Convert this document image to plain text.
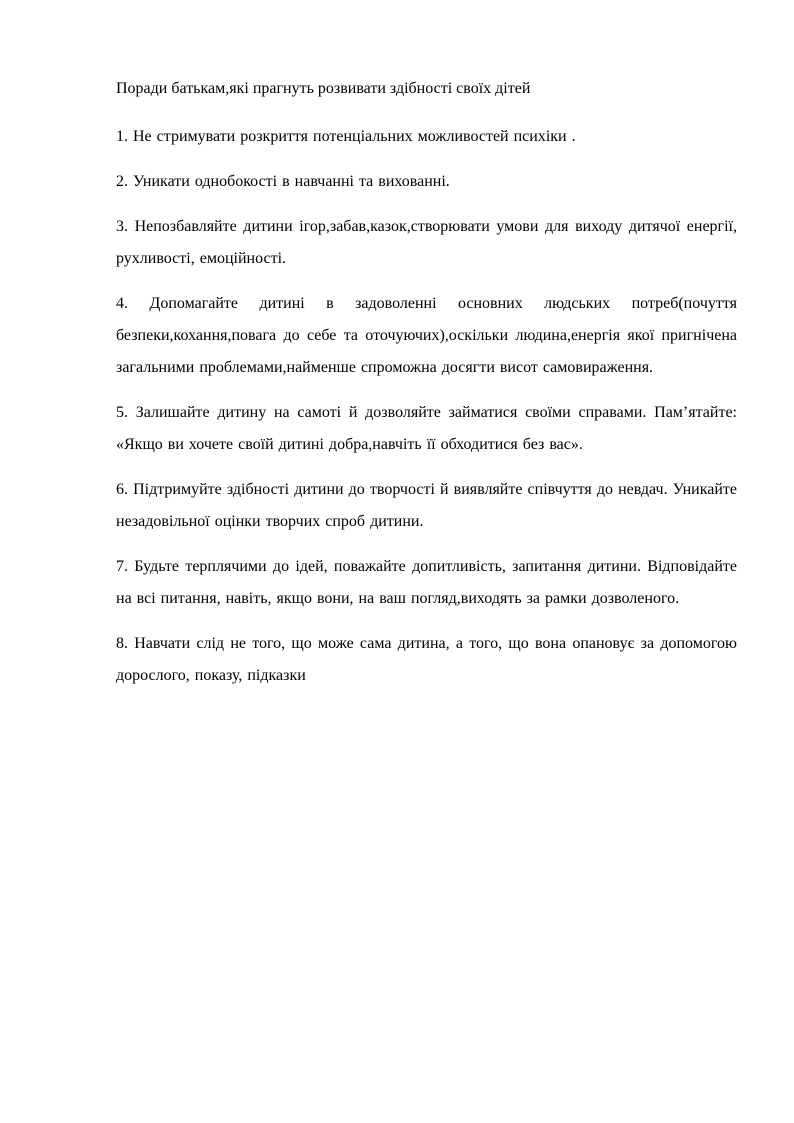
Поради батькам,які прагнуть розвивати здібності своїх дітей

1. Не стримувати розкриття потенціальних можливостей психіки .
2. Уникати однобокості в навчанні та вихованні.
3. Непозбавляйте дитини ігор,забав,казок,створювати умови для виходу дитячої енергії, рухливості, емоційності.
4. Допомагайте дитині в задоволенні основних людських потреб(почуття безпеки,кохання,повага до себе та оточуючих),оскільки людина,енергія якої пригнічена загальними проблемами,найменше спроможна досягти висот самовираження.
5. Залишайте дитину на самоті й дозволяйте займатися своїми справами. Пам’ятайте: «Якщо ви хочете своїй дитині добра,навчіть її обходитися без вас».
6. Підтримуйте здібності дитини до творчості й виявляйте співчуття до невдач. Уникайте незадовільної оцінки творчих спроб дитини.
7. Будьте терплячими до ідей, поважайте допитливість, запитання дитини. Відповідайте на всі питання, навіть, якщо вони, на ваш погляд,виходять за рамки дозволеного.
8. Навчати слід не того, що може сама дитина, а того, що вона опановує за допомогою дорослого, показу, підказки
